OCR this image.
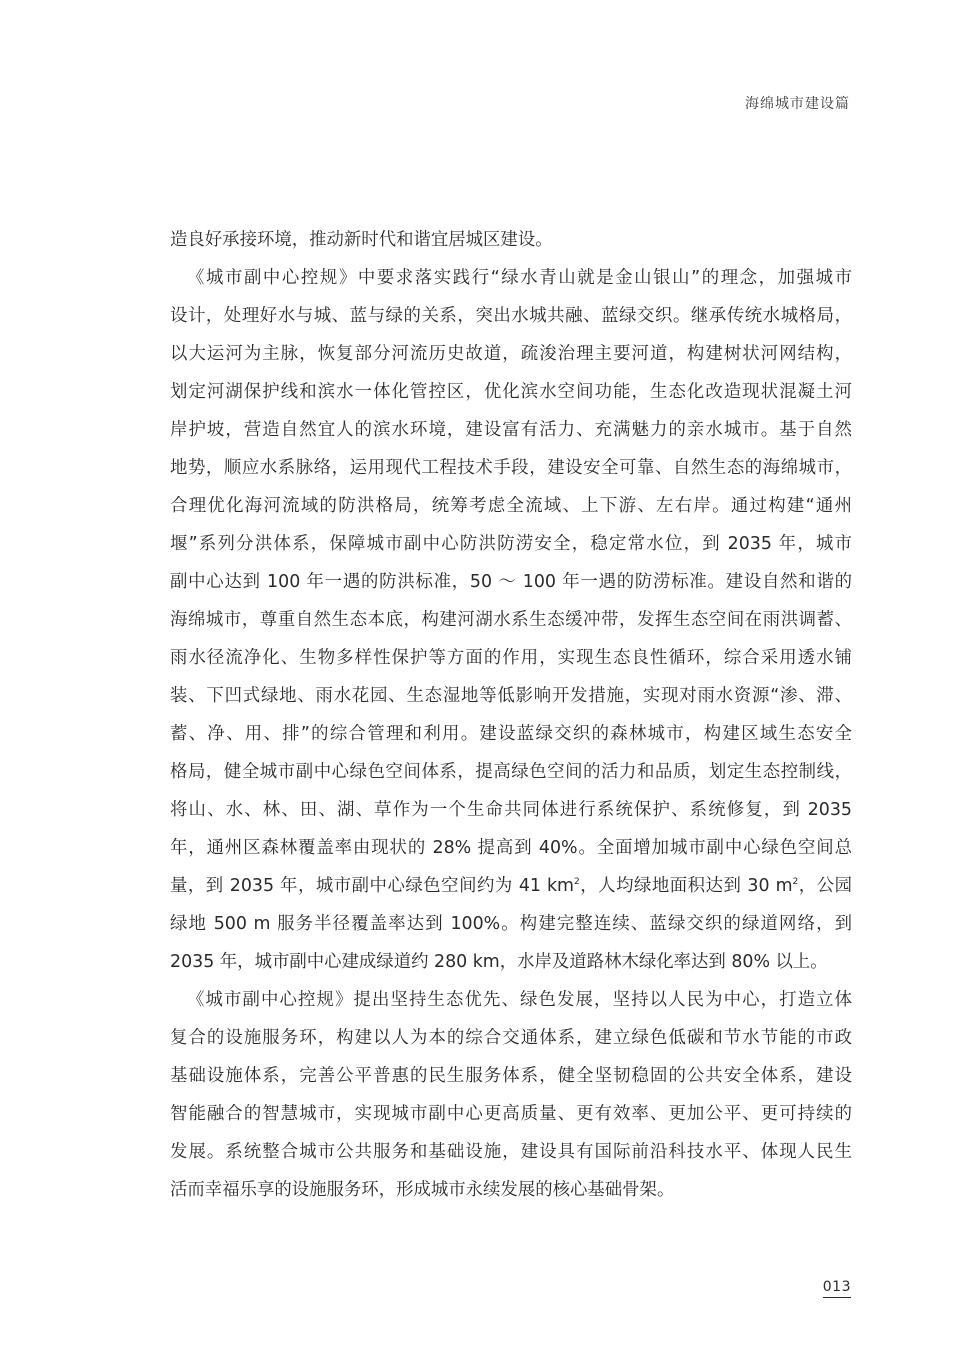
海绵城市建设篇
造良好承接环境，推动新时代和谐宜居城区建设。
《城市副中心控规》中要求落实践行“绿水青山就是金山银山”的理念，加强城市
设计，处理好水与城、蓝与绿的关系，突出水城共融、蓝绿交织。继承传统水城格局，
以大运河为主脉，恢复部分河流历史故道，疏浚治理主要河道，构建树状河网结构，
划定河湖保护线和滨水一体化管控区，优化滨水空间功能，生态化改造现状混凝土河
岸护坡，营造自然宜人的滨水环境，建设富有活力、充满魅力的亲水城市。基于自然
地势，顺应水系脉络，运用现代工程技术手段，建设安全可靠、自然生态的海绵城市，
合理优化海河流域的防洪格局，统筹考虑全流域、上下游、左右岸。通过构建“通州
堰”系列分洪体系，保障城市副中心防洪防涝安全，稳定常水位，到 2035 年，城市
副中心达到 100 年一遇的防洪标准，50 ～ 100 年一遇的防涝标准。建设自然和谐的
海绵城市，尊重自然生态本底，构建河湖水系生态缓冲带，发挥生态空间在雨洪调蓄、
雨水径流净化、生物多样性保护等方面的作用，实现生态良性循环，综合采用透水铺
装、下凹式绿地、雨水花园、生态湿地等低影响开发措施，实现对雨水资源“渗、滞、
蓄、净、用、排”的综合管理和利用。建设蓝绿交织的森林城市，构建区域生态安全
格局，健全城市副中心绿色空间体系，提高绿色空间的活力和品质，划定生态控制线，
将山、水、林、田、湖、草作为一个生命共同体进行系统保护、系统修复，到 2035
年，通州区森林覆盖率由现状的 28% 提高到 40%。全面增加城市副中心绿色空间总
量，到 2035 年，城市副中心绿色空间约为 41 $km^2$，人均绿地面积达到 30 $m^2$，公园
绿地 500 m 服务半径覆盖率达到 100%。构建完整连续、蓝绿交织的绿道网络，到
2035 年，城市副中心建成绿道约 280 km，水岸及道路林木绿化率达到 80% 以上。
《城市副中心控规》提出坚持生态优先、绿色发展，坚持以人民为中心，打造立体
复合的设施服务环，构建以人为本的综合交通体系，建立绿色低碳和节水节能的市政
基础设施体系，完善公平普惠的民生服务体系，健全坚韧稳固的公共安全体系，建设
智能融合的智慧城市，实现城市副中心更高质量、更有效率、更加公平、更可持续的
发展。系统整合城市公共服务和基础设施，建设具有国际前沿科技水平、体现人民生
活而幸福乐享的设施服务环，形成城市永续发展的核心基础骨架。
013
